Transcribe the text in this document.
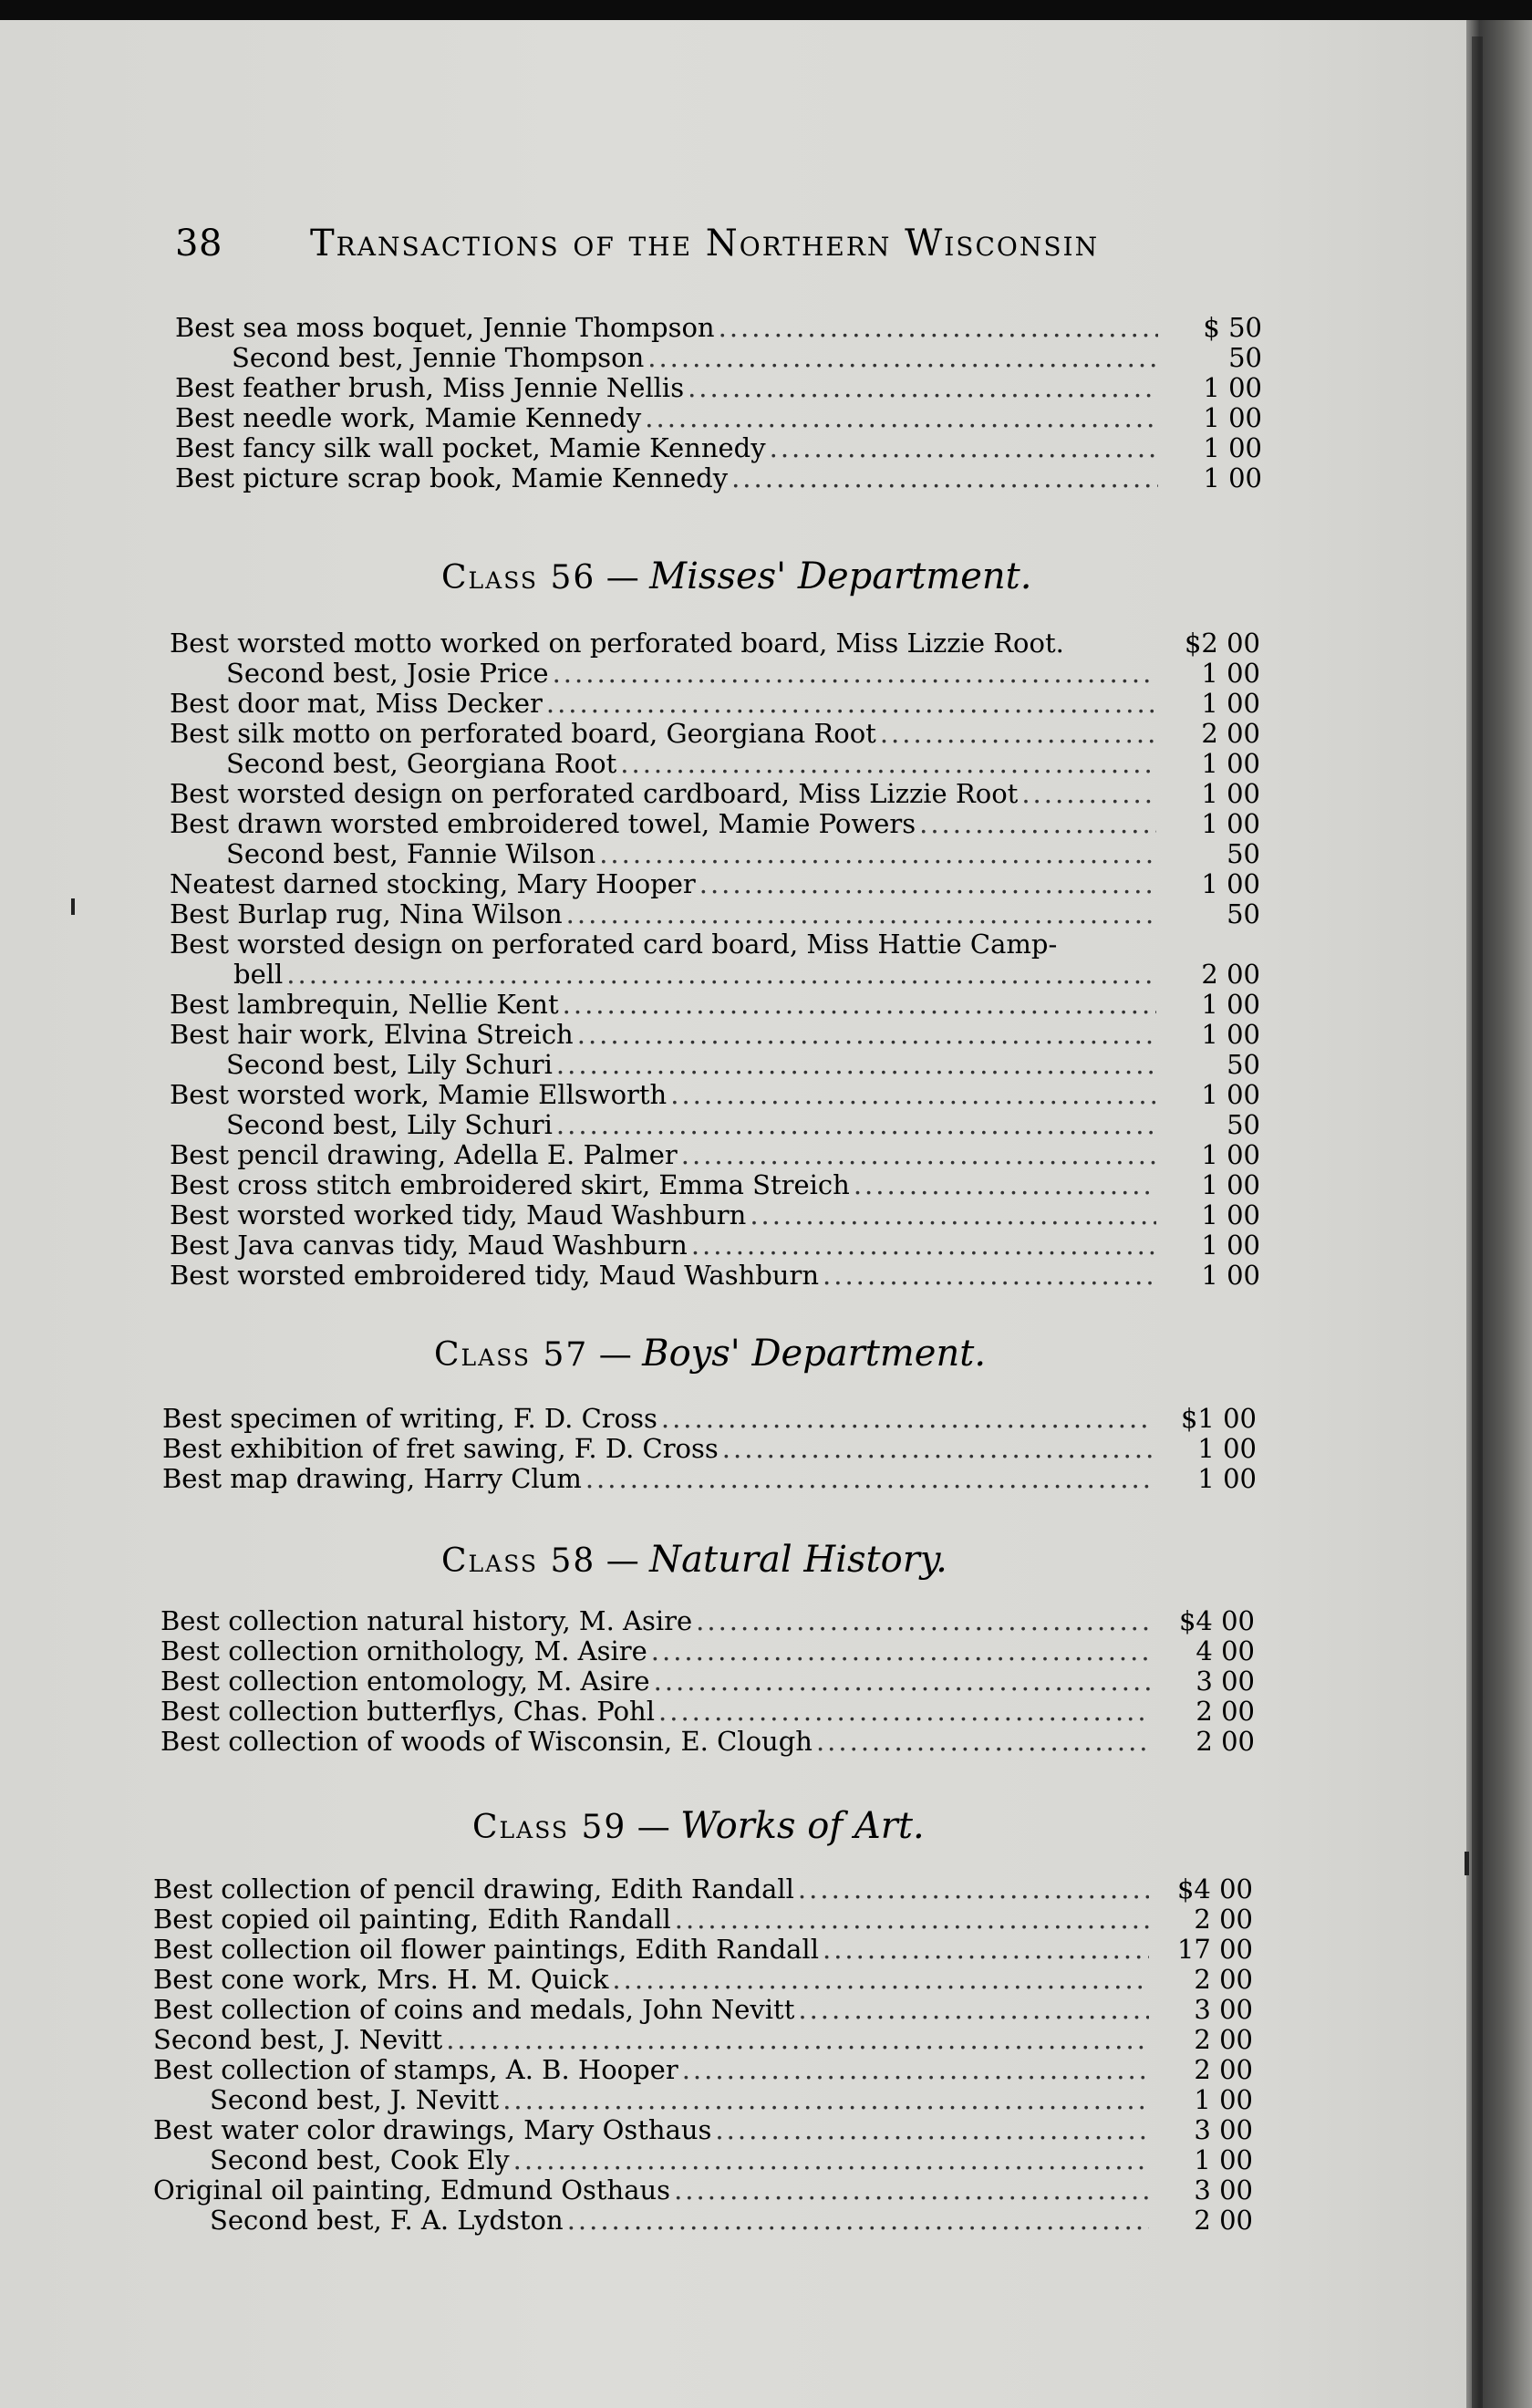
38 Transactions of the Northern Wisconsin
Best sea moss boquet, Jennie Thompson .....	$ 50
Second best, Jennie Thompson .....	50
Best feather brush, Miss Jennie Nellis .....	1 00
Best needle work, Mamie Kennedy .....	1 00
Best fancy silk wall pocket, Mamie Kennedy .....	1 00
Best picture scrap book, Mamie Kennedy .....	1 00
Class 56 — Misses' Department.
Best worsted motto worked on perforated board, Miss Lizzie Root.	$2 00
Second best, Josie Price .....	1 00
Best door mat, Miss Decker .....	1 00
Best silk motto on perforated board, Georgiana Root .....	2 00
Second best, Georgiana Root .....	1 00
Best worsted design on perforated cardboard, Miss Lizzie Root .....	1 00
Best drawn worsted embroidered towel, Mamie Powers .....	1 00
Second best, Fannie Wilson .....	50
Neatest darned stocking, Mary Hooper .....	1 00
Best Burlap rug, Nina Wilson .....	50
Best worsted design on perforated card board, Miss Hattie Camp-
bell .....	2 00
Best lambrequin, Nellie Kent .....	1 00
Best hair work, Elvina Streich .....	1 00
Second best, Lily Schuri .....	50
Best worsted work, Mamie Ellsworth .....	1 00
Second best, Lily Schuri .....	50
Best pencil drawing, Adella E. Palmer .....	1 00
Best cross stitch embroidered skirt, Emma Streich .....	1 00
Best worsted worked tidy, Maud Washburn .....	1 00
Best Java canvas tidy, Maud Washburn .....	1 00
Best worsted embroidered tidy, Maud Washburn .....	1 00
Class 57 — Boys' Department.
Best specimen of writing, F. D. Cross .....	$1 00
Best exhibition of fret sawing, F. D. Cross .....	1 00
Best map drawing, Harry Clum .....	1 00
Class 58 — Natural History.
Best collection natural history, M. Asire .....	$4 00
Best collection ornithology, M. Asire .....	4 00
Best collection entomology, M. Asire .....	3 00
Best collection butterflys, Chas. Pohl .....	2 00
Best collection of woods of Wisconsin, E. Clough .....	2 00
Class 59 — Works of Art.
Best collection of pencil drawing, Edith Randall .....	$4 00
Best copied oil painting, Edith Randall .....	2 00
Best collection oil flower paintings, Edith Randall .....	17 00
Best cone work, Mrs. H. M. Quick .....	2 00
Best collection of coins and medals, John Nevitt .....	3 00
Second best, J. Nevitt .....	2 00
Best collection of stamps, A. B. Hooper .....	2 00
Second best, J. Nevitt .....	1 00
Best water color drawings, Mary Osthaus .....	3 00
Second best, Cook Ely .....	1 00
Original oil painting, Edmund Osthaus .....	3 00
Second best, F. A. Lydston .....	2 00
